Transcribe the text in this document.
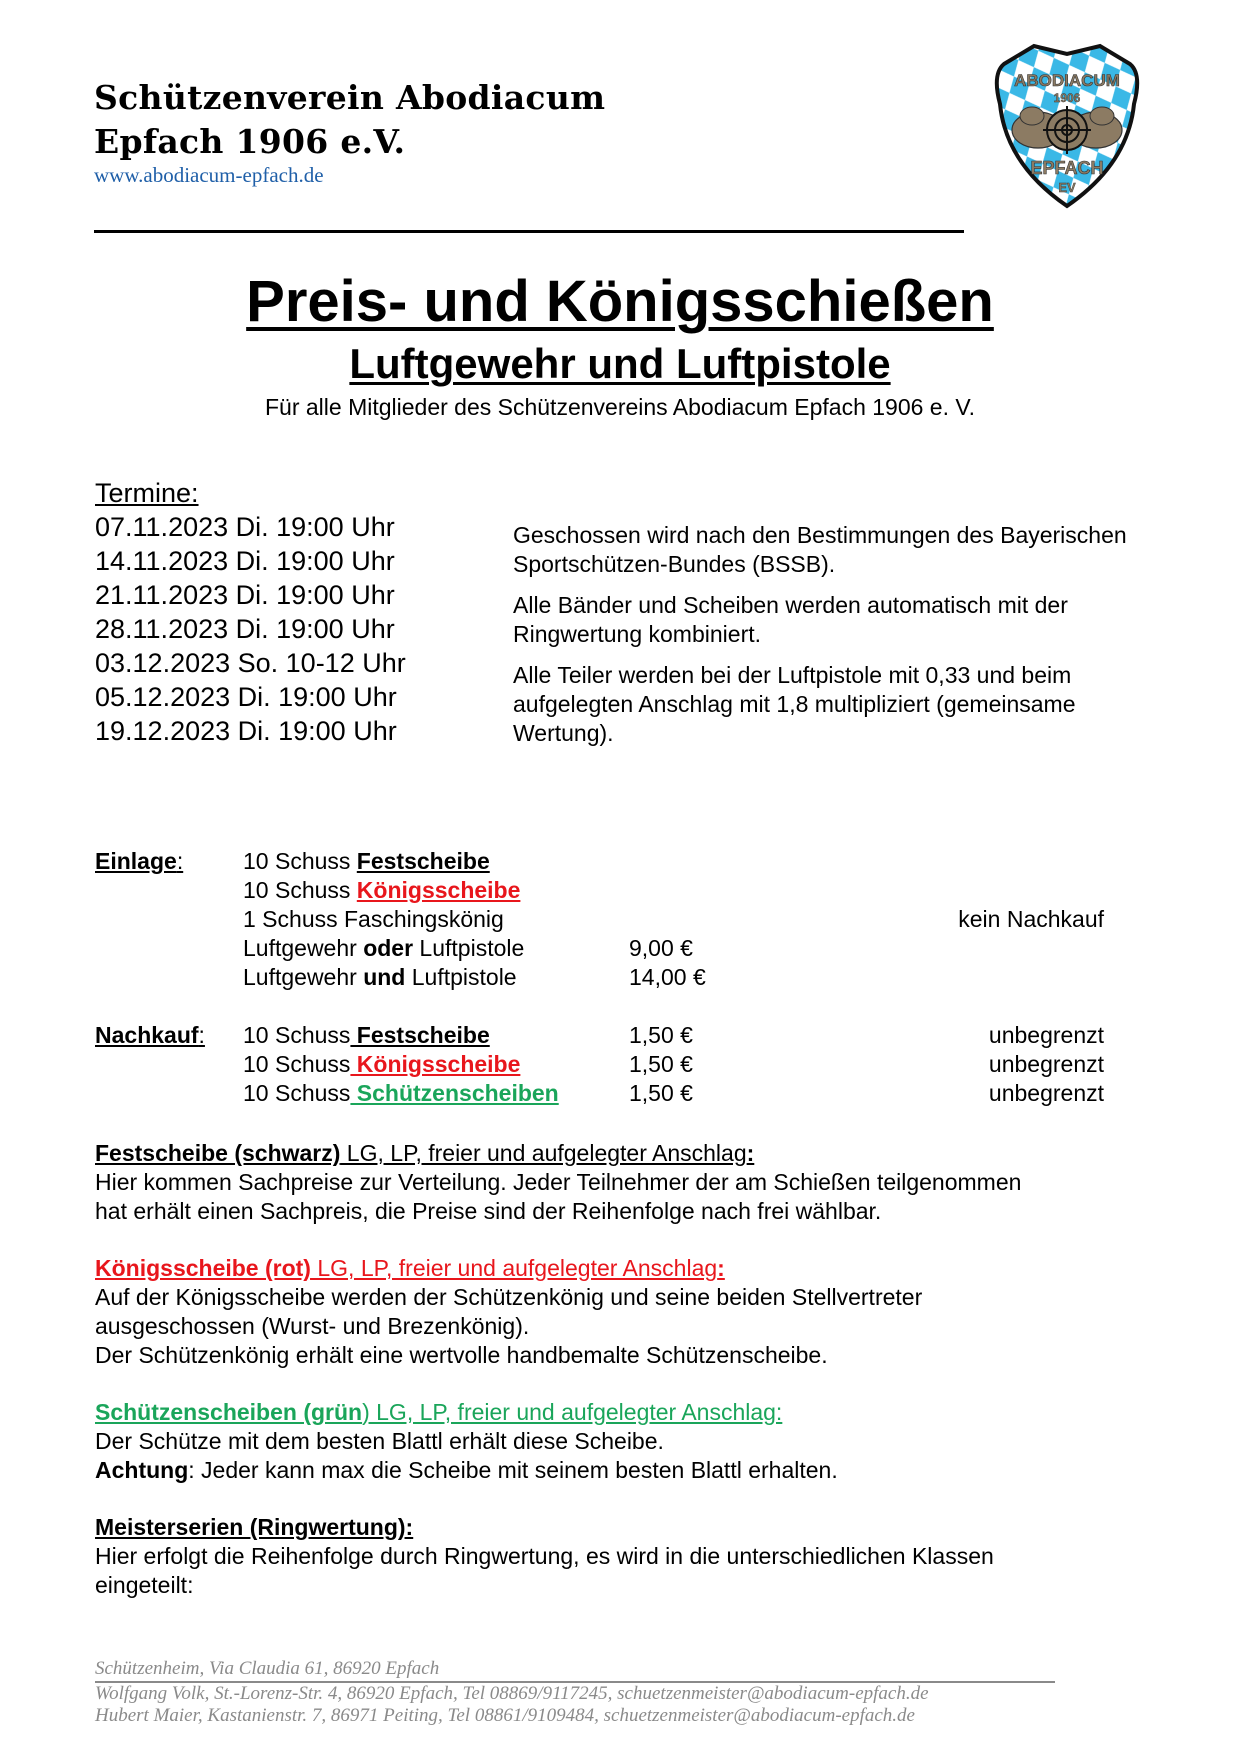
Schützenverein Abodiacum
Epfach 1906 e.V.
www.abodiacum-epfach.de
ABODIACUM
1906
EPFACH
EV
Preis- und Königsschießen
Luftgewehr und Luftpistole
Für alle Mitglieder des Schützenvereins Abodiacum Epfach 1906 e. V.
Termine:
07.11.2023 Di. 19:00 Uhr
14.11.2023 Di. 19:00 Uhr
21.11.2023 Di. 19:00 Uhr
28.11.2023 Di. 19:00 Uhr
03.12.2023 So. 10-12 Uhr
05.12.2023 Di. 19:00 Uhr
19.12.2023 Di. 19:00 Uhr

Geschossen wird nach den Bestimmungen des Bayerischen Sportschützen-Bundes (BSSB).

Alle Bänder und Scheiben werden automatisch mit der Ringwertung kombiniert.

Alle Teiler werden bei der Luftpistole mit 0,33 und beim aufgelegten Anschlag mit 1,8 multipliziert (gemeinsame Wertung).

Einlage:	10 Schuss Festscheibe
10 Schuss Königsscheibe
1 Schuss Faschingskönig	kein Nachkauf
Luftgewehr oder Luftpistole	9,00 €
Luftgewehr und Luftpistole	14,00 €
Nachkauf: 10 Schuss Festscheibe	1,50 €	unbegrenzt
10 Schuss Königsscheibe	1,50 €	unbegrenzt
10 Schuss Schützenscheiben	1,50 €	unbegrenzt
Festscheibe (schwarz) LG, LP, freier und aufgelegter Anschlag:
Hier kommen Sachpreise zur Verteilung. Jeder Teilnehmer der am Schießen teilgenommen
hat erhält einen Sachpreis, die Preise sind der Reihenfolge nach frei wählbar.
Königsscheibe (rot) LG, LP, freier und aufgelegter Anschlag:
Auf der Königsscheibe werden der Schützenkönig und seine beiden Stellvertreter
ausgeschossen (Wurst- und Brezenkönig).
Der Schützenkönig erhält eine wertvolle handbemalte Schützenscheibe.
Schützenscheiben (grün) LG, LP, freier und aufgelegter Anschlag:
Der Schütze mit dem besten Blattl erhält diese Scheibe.
Achtung: Jeder kann max die Scheibe mit seinem besten Blattl erhalten.
Meisterserien (Ringwertung):
Hier erfolgt die Reihenfolge durch Ringwertung, es wird in die unterschiedlichen Klassen
eingeteilt:
Schützenheim, Via Claudia 61, 86920 Epfach
Wolfgang Volk, St.-Lorenz-Str. 4, 86920 Epfach, Tel 08869/9117245, schuetzenmeister@abodiacum-epfach.de
Hubert Maier, Kastanienstr. 7, 86971 Peiting, Tel 08861/9109484, schuetzenmeister@abodiacum-epfach.de
